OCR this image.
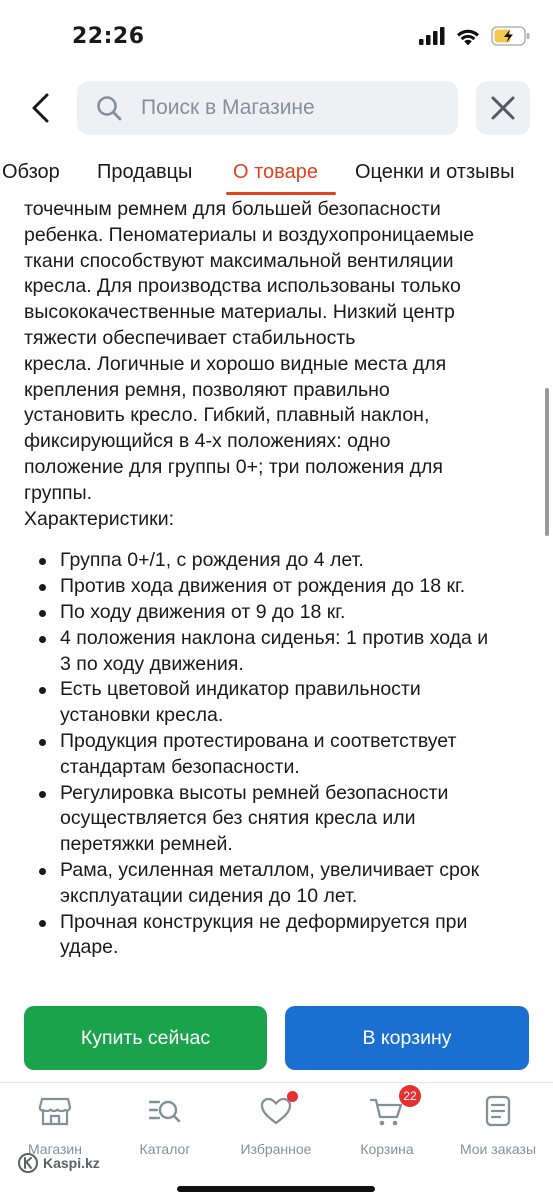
22:26
Поиск в Магазине
Обзор Продавцы О товаре Оценки и отзывы
точечным ремнем для большей безопасности
ребенка. Пеноматериалы и воздухопроницаемые
ткани способствуют максимальной вентиляции
кресла. Для производства использованы только
высококачественные материалы. Низкий центр
тяжести обеспечивает стабильность
кресла. Логичные и хорошо видные места для
крепления ремня, позволяют правильно
установить кресло. Гибкий, плавный наклон,
фиксирующийся в 4-х положениях: одно
положение для группы 0+; три положения для
группы.
Характеристики:
Группа 0+/1, с рождения до 4 лет.
Против хода движения от рождения до 18 кг.
По ходу движения от 9 до 18 кг.
4 положения наклона сиденья: 1 против хода и
3 по ходу движения.
Есть цветовой индикатор правильности
установки кресла.
Продукция протестирована и соответствует
стандартам безопасности.
Регулировка высоты ремней безопасности
осуществляется без снятия кресла или
перетяжки ремней.
Рама, усиленная металлом, увеличивает срок
эксплуатации сидения до 10 лет.
Прочная конструкция не деформируется при
ударе.
Купить сейчас	В корзину
Магазин	Каталог	Избранное
22
Корзина	Мои заказы
Kaspi.kz
